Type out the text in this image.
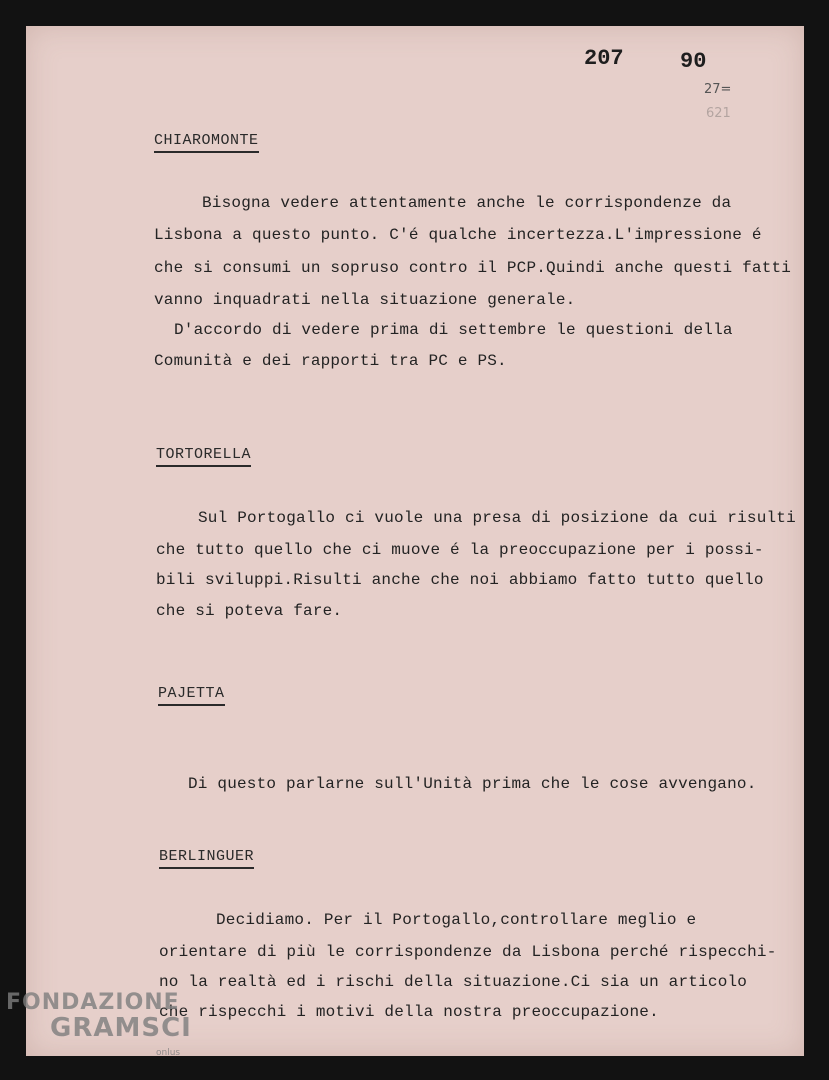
207	90
27=
621
CHIAROMONTE
Bisogna vedere attentamente anche le corrispondenze da
Lisbona a questo punto. C'é qualche incertezza.L'impressione é
che si consumi un sopruso contro il PCP.Quindi anche questi fatti
vanno inquadrati nella situazione generale.
D'accordo di vedere prima di settembre le questioni della
Comunità e dei rapporti tra PC e PS.
TORTORELLA
Sul Portogallo ci vuole una presa di posizione da cui risulti
che tutto quello che ci muove é la preoccupazione per i possi-
bili sviluppi.Risulti anche che noi abbiamo fatto tutto quello
che si poteva fare.
PAJETTA
Di questo parlarne sull'Unità prima che le cose avvengano.
BERLINGUER
Decidiamo. Per il Portogallo,controllare meglio e
orientare di più le corrispondenze da Lisbona perché rispecchi-
no la realtà ed i rischi della situazione.Ci sia un articolo
che rispecchi i motivi della nostra preoccupazione.
FONDAZIONE
GRAMSCI
onlus
